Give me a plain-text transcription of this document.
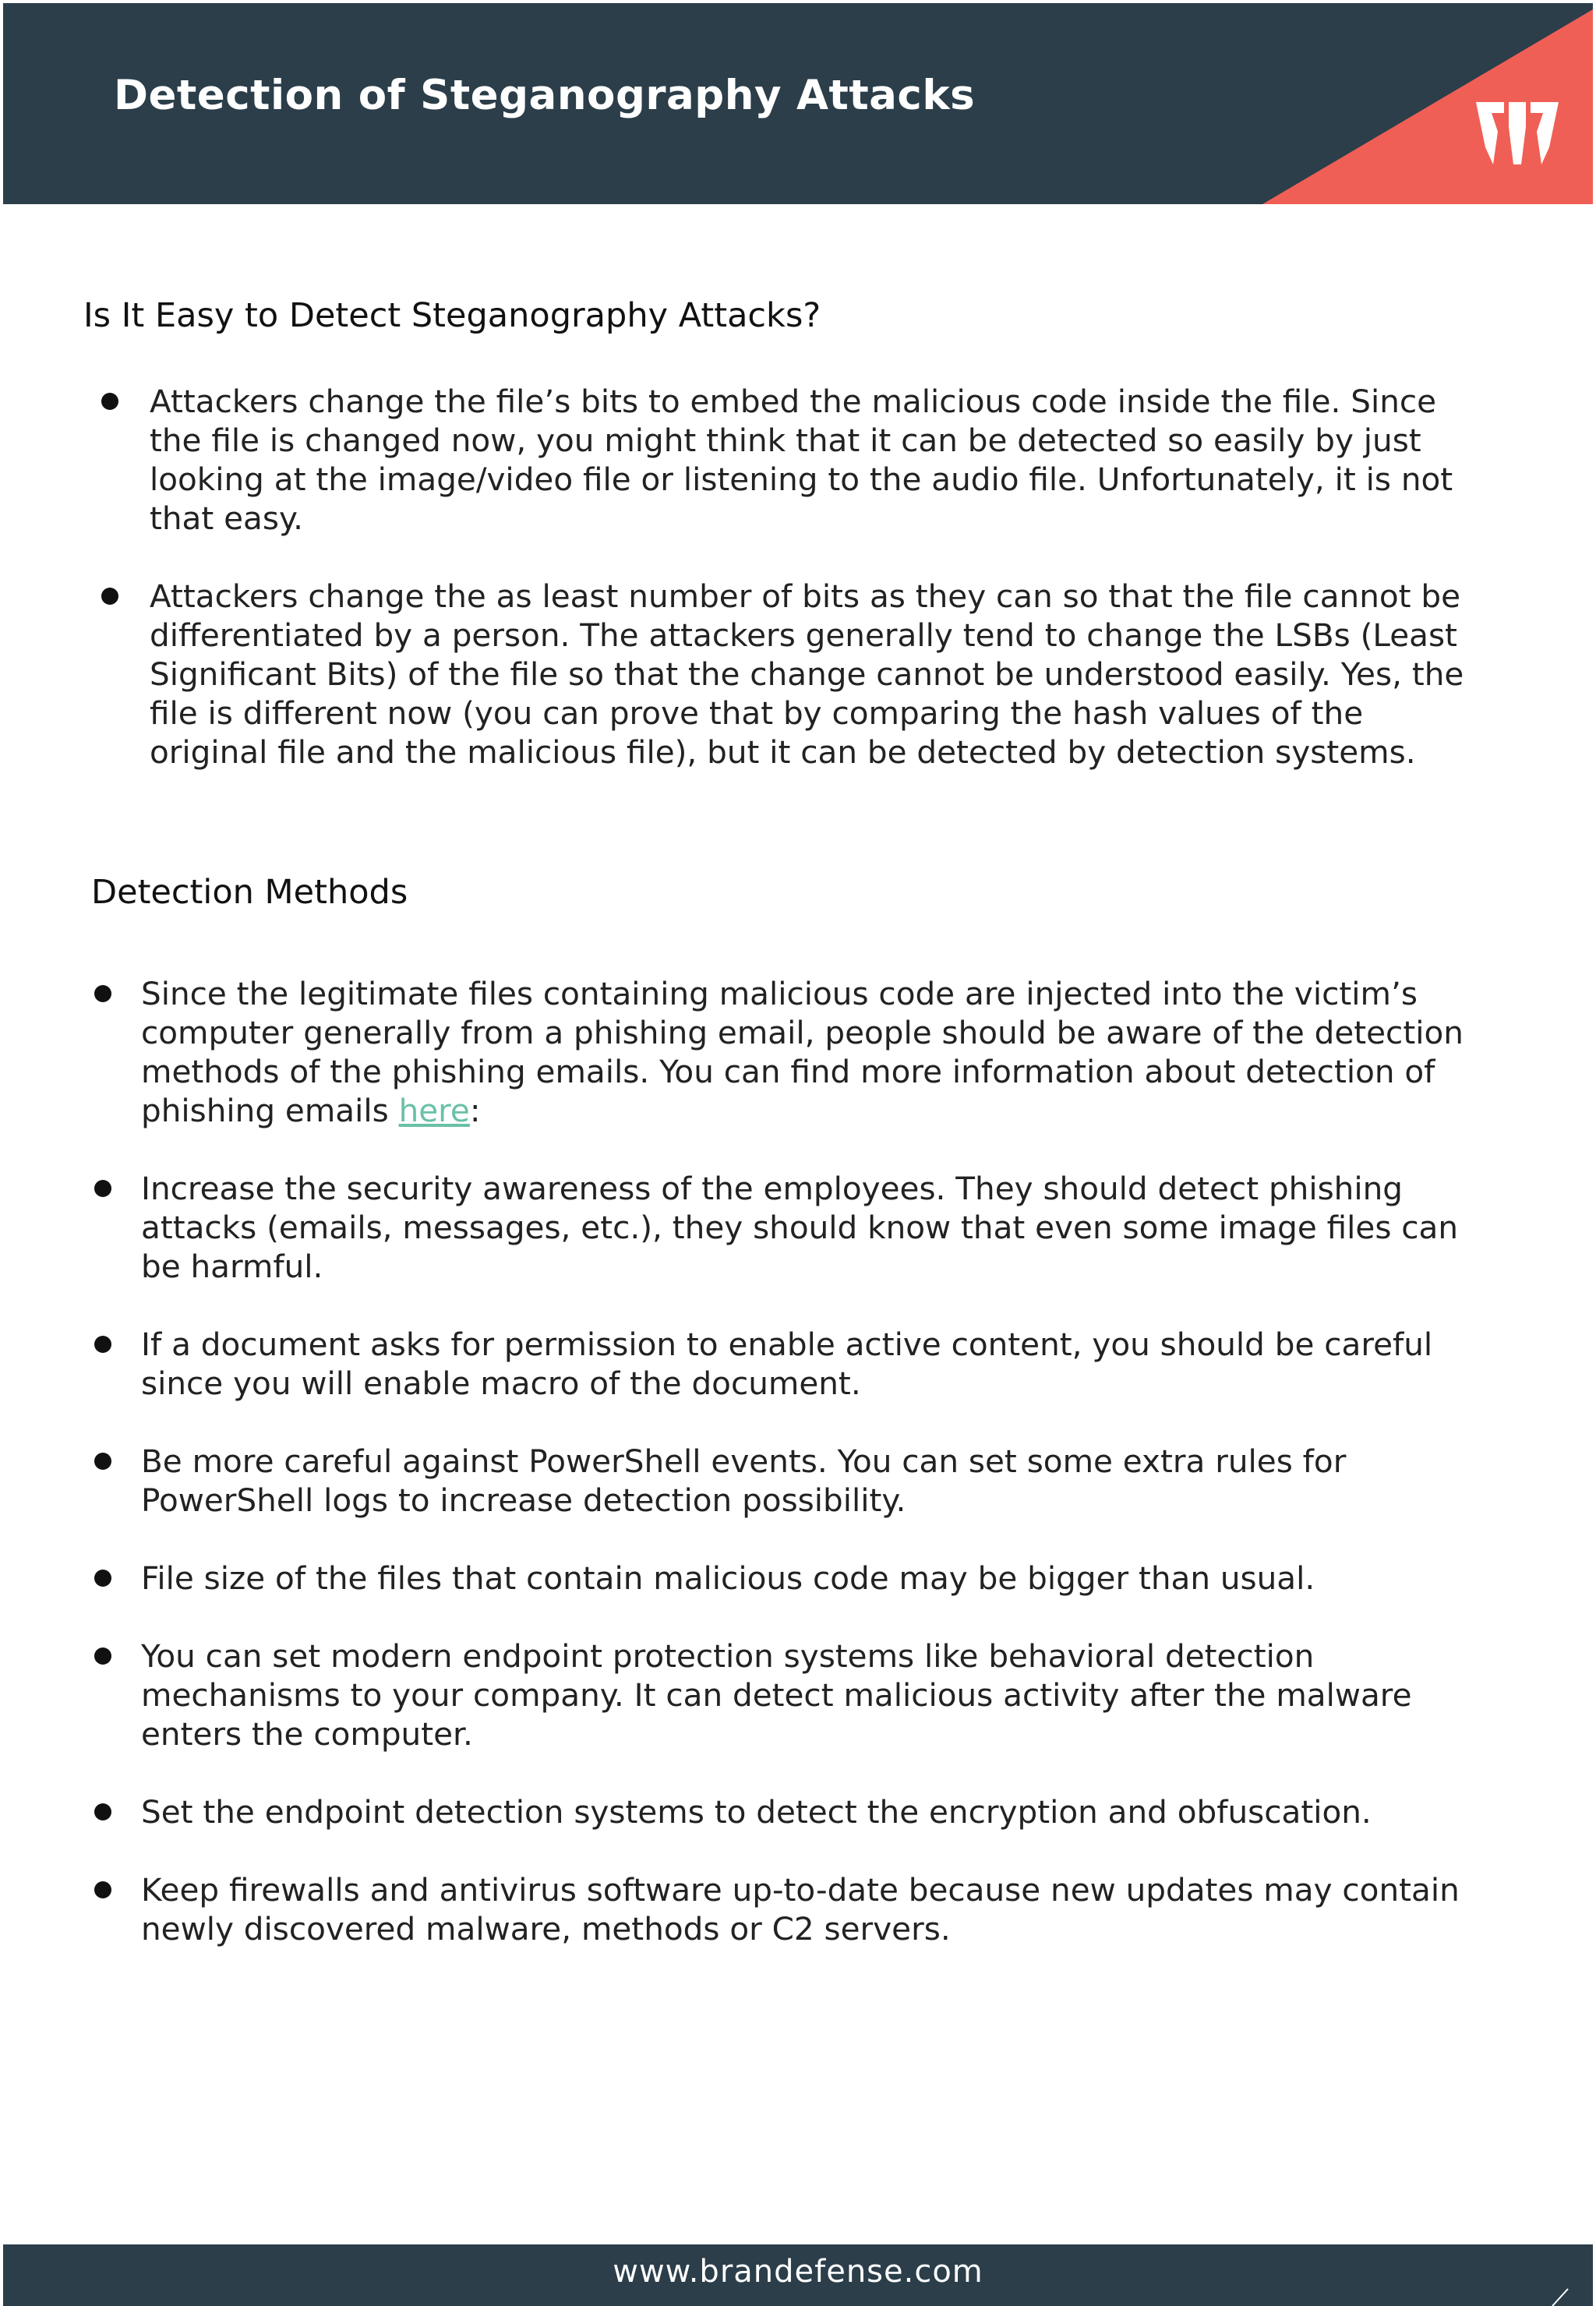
Detection of Steganography Attacks
Is It Easy to Detect Steganography Attacks?
Attackers change the file’s bits to embed the malicious code inside the file. Since the file is changed now, you might think that it can be detected so easily by just looking at the image/video file or listening to the audio file. Unfortunately, it is not that easy.
Attackers change the as least number of bits as they can so that the file cannot be differentiated by a person. The attackers generally tend to change the LSBs (Least Significant Bits) of the file so that the change cannot be understood easily. Yes, the file is different now (you can prove that by comparing the hash values of the original file and the malicious file), but it can be detected by detection systems.
Detection Methods
Since the legitimate files containing malicious code are injected into the victim’s computer generally from a phishing email, people should be aware of the detection methods of the phishing emails. You can find more information about detection of phishing emails here:
Increase the security awareness of the employees. They should detect phishing attacks (emails, messages, etc.), they should know that even some image files can be harmful.
If a document asks for permission to enable active content, you should be careful since you will enable macro of the document.
Be more careful against PowerShell events. You can set some extra rules for PowerShell logs to increase detection possibility.
File size of the files that contain malicious code may be bigger than usual.
You can set modern endpoint protection systems like behavioral detection mechanisms to your company. It can detect malicious activity after the malware enters the computer.
Set the endpoint detection systems to detect the encryption and obfuscation.
Keep firewalls and antivirus software up-to-date because new updates may contain newly discovered malware, methods or C2 servers.
www.brandefense.com
